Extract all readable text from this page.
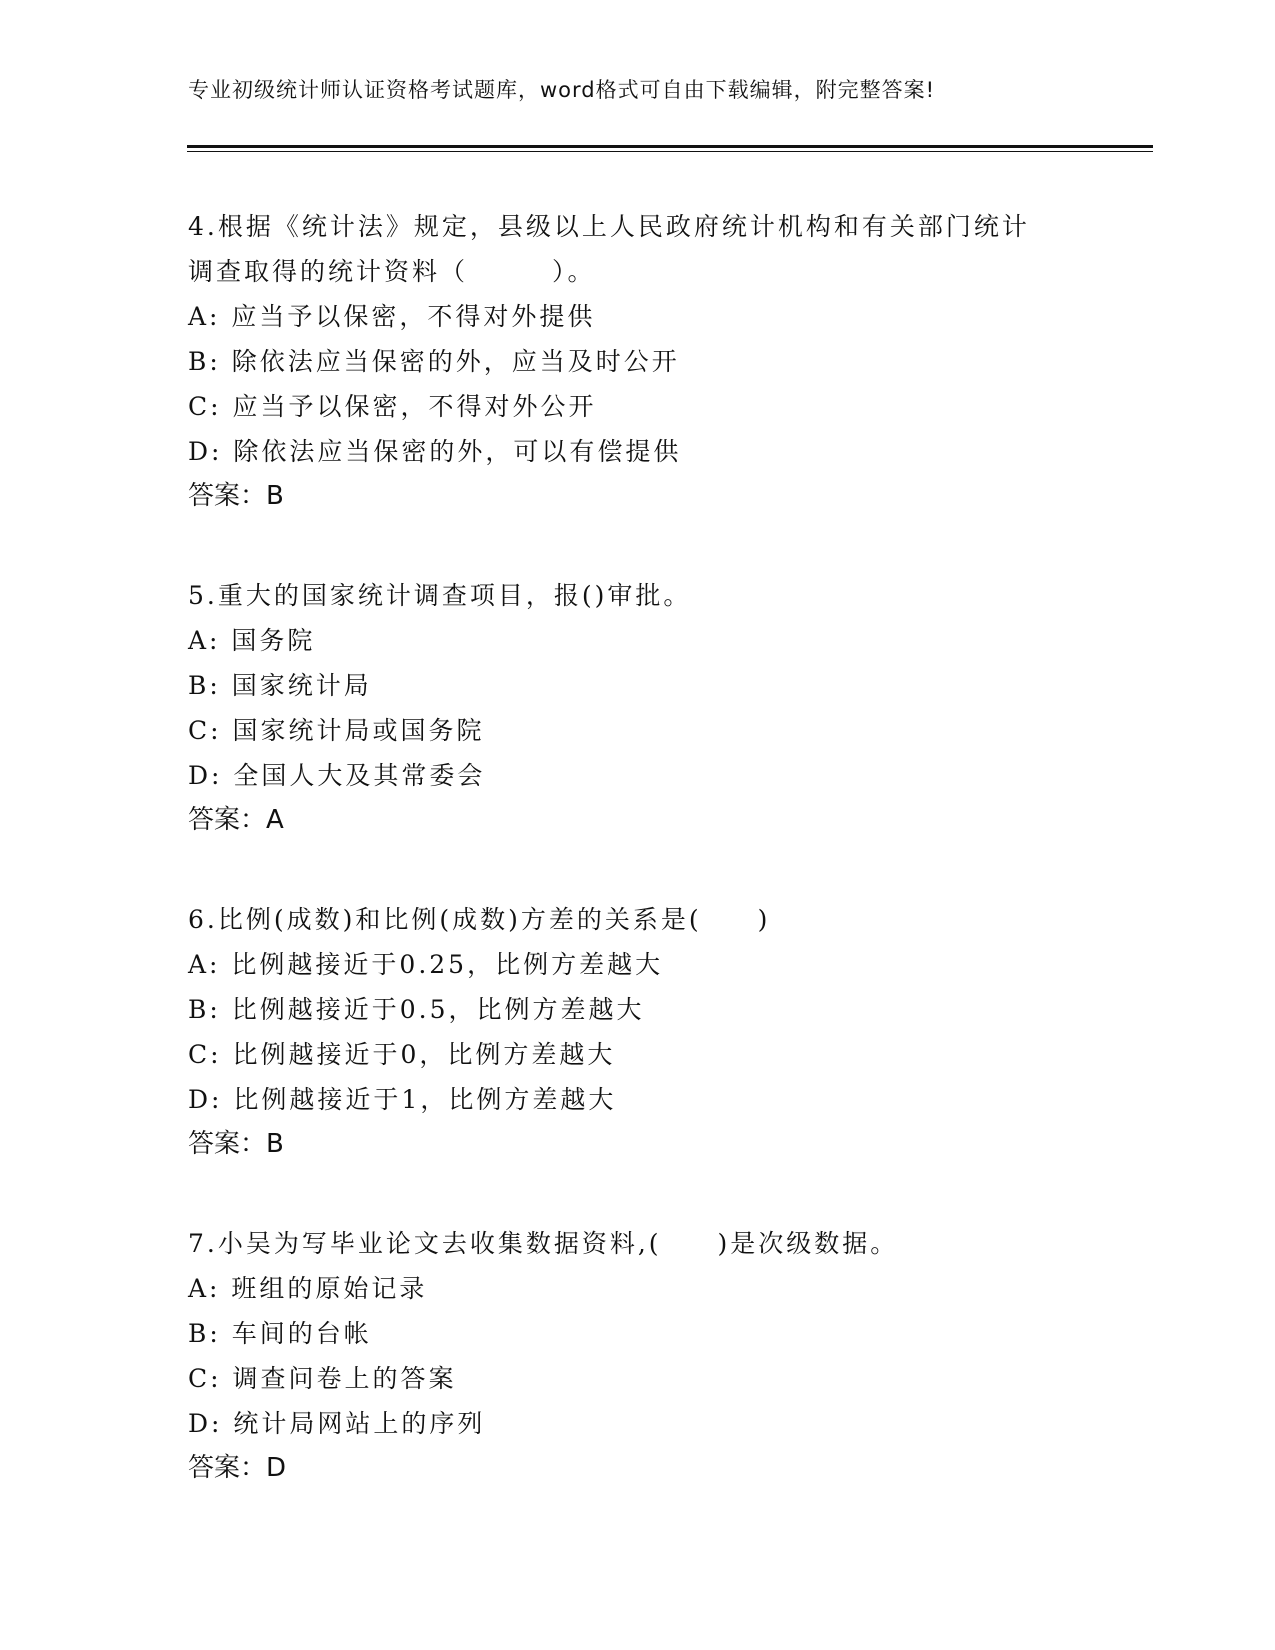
专业初级统计师认证资格考试题库，word格式可自由下载编辑，附完整答案!
4.根据《统计法》规定，县级以上人民政府统计机构和有关部门统计
调查取得的统计资料（　　　）。
A: 应当予以保密，不得对外提供
B: 除依法应当保密的外，应当及时公开
C: 应当予以保密，不得对外公开
D: 除依法应当保密的外，可以有偿提供
答案：B
5.重大的国家统计调查项目，报()审批。
A: 国务院
B: 国家统计局
C: 国家统计局或国务院
D: 全国人大及其常委会
答案：A
6.比例(成数)和比例(成数)方差的关系是(　　)
A: 比例越接近于0.25，比例方差越大
B: 比例越接近于0.5，比例方差越大
C: 比例越接近于0，比例方差越大
D: 比例越接近于1，比例方差越大
答案：B
7.小吴为写毕业论文去收集数据资料,(　　)是次级数据。
A: 班组的原始记录
B: 车间的台帐
C: 调查问卷上的答案
D: 统计局网站上的序列
答案：D
